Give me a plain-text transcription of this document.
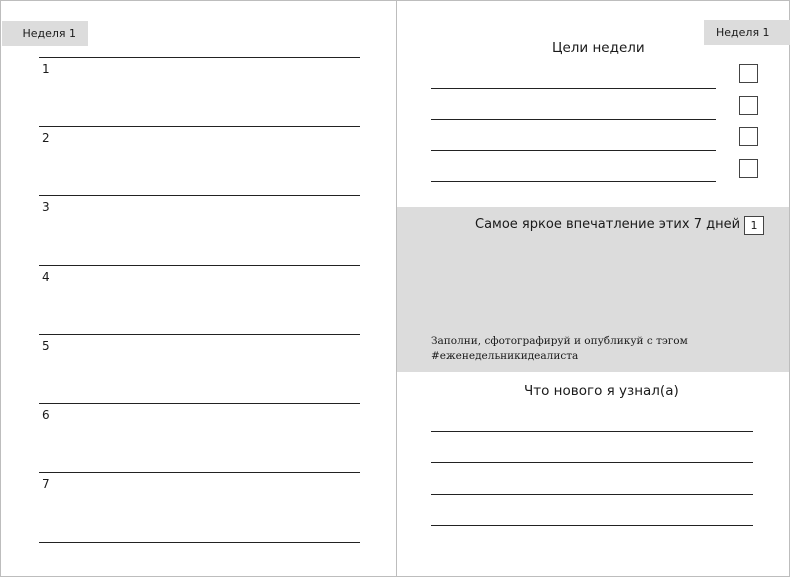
Неделя 1
1
2
3
4
5
6
7
Неделя 1
Цели недели
Самое яркое впечатление этих 7 дней 1
Заполни, сфотографируй и опубликуй с тэгом
#еженедельникидеалиста
Что нового я узнал(а)
